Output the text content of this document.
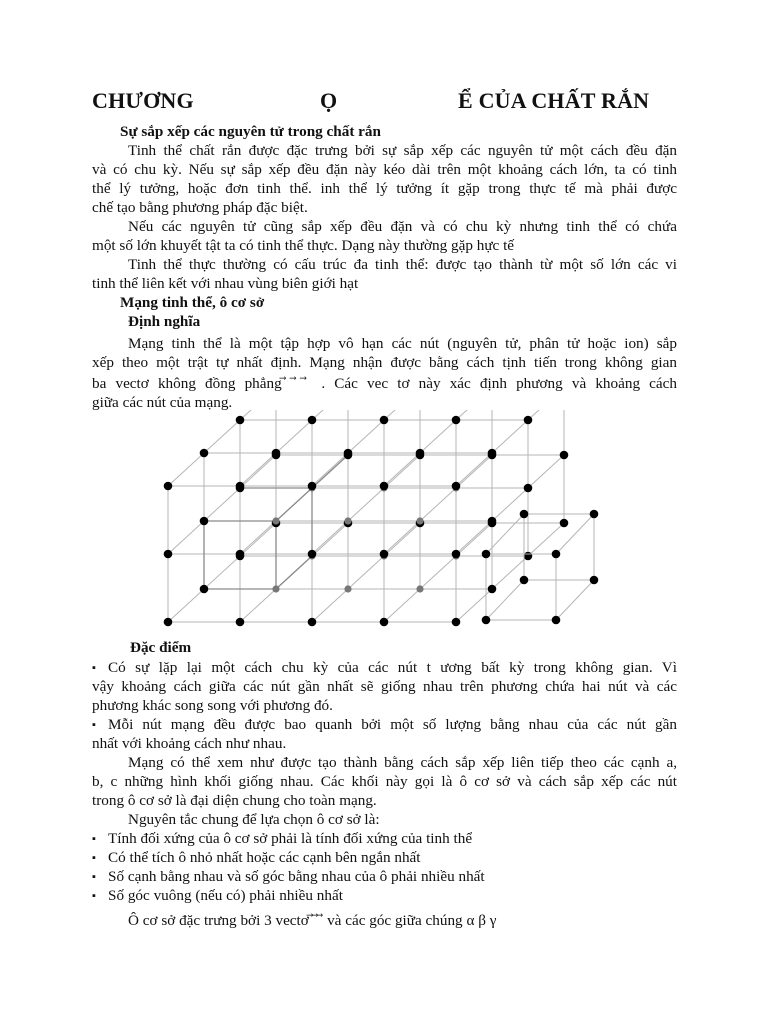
CHƯƠNG	Ọ	Ể CỦA CHẤT RẮN
Sự sắp xếp các nguyên tử trong chất rắn
Tinh thể chất rắn được đặc trưng bởi sự sắp xếp các nguyên tử một cách đều đặn
và có chu kỳ. Nếu sự sắp xếp đều đặn này kéo dài trên một khoảng cách lớn, ta có tinh
thể lý tưởng, hoặc đơn tinh thể. inh thể lý tưởng ít gặp trong thực tế mà phải được
chế tạo bằng phương pháp đặc biệt.
Nếu các nguyên tử cũng sắp xếp đều đặn và có chu kỳ nhưng tinh thể có chứa
một số lớn khuyết tật ta có tinh thể thực. Dạng này thường gặp hực tế
Tinh thể thực thường có cấu trúc đa tinh thể: được tạo thành từ một số lớn các vi
tinh thể liên kết với nhau vùng biên giới hạt
Mạng tinh thể, ô cơ sở
Định nghĩa
Mạng tinh thể là một tập hợp vô hạn các nút (nguyên tử, phân tử hoặc ion) sắp
xếp theo một trật tự nhất định. Mạng nhận được bằng cách tịnh tiến trong không gian
ba vectơ không đồng phẳng ⃗ ⃗ ⃗ . Các vec tơ này xác định phương và khoảng cách
giữa các nút của mạng.
Đặc điểm
▪ Có sự lặp lại một cách chu kỳ của các nút t ương bất kỳ trong không gian. Vì
vậy khoảng cách giữa các nút gần nhất sẽ giống nhau trên phương chứa hai nút và các
phương khác song song với phương đó.
▪ Mỗi nút mạng đều được bao quanh bởi một số lượng bằng nhau của các nút gần
nhất với khoảng cách như nhau.
Mạng có thể xem như được tạo thành bằng cách sắp xếp liên tiếp theo các cạnh a,
b, c những hình khối giống nhau. Các khối này gọi là ô cơ sở và cách sắp xếp các nút
trong ô cơ sở là đại diện chung cho toàn mạng.
Nguyên tắc chung để lựa chọn ô cơ sở là:
▪ Tính đối xứng của ô cơ sở phải là tính đối xứng của tinh thể
▪ Có thể tích ô nhỏ nhất hoặc các cạnh bên ngắn nhất
▪ Số cạnh bằng nhau và số góc bằng nhau của ô phải nhiều nhất
▪ Số góc vuông (nếu có) phải nhiều nhất
Ô cơ sở đặc trưng bởi 3 vectơ ⃗ ⃗ ⃗ và các góc giữa chúng α β γ
